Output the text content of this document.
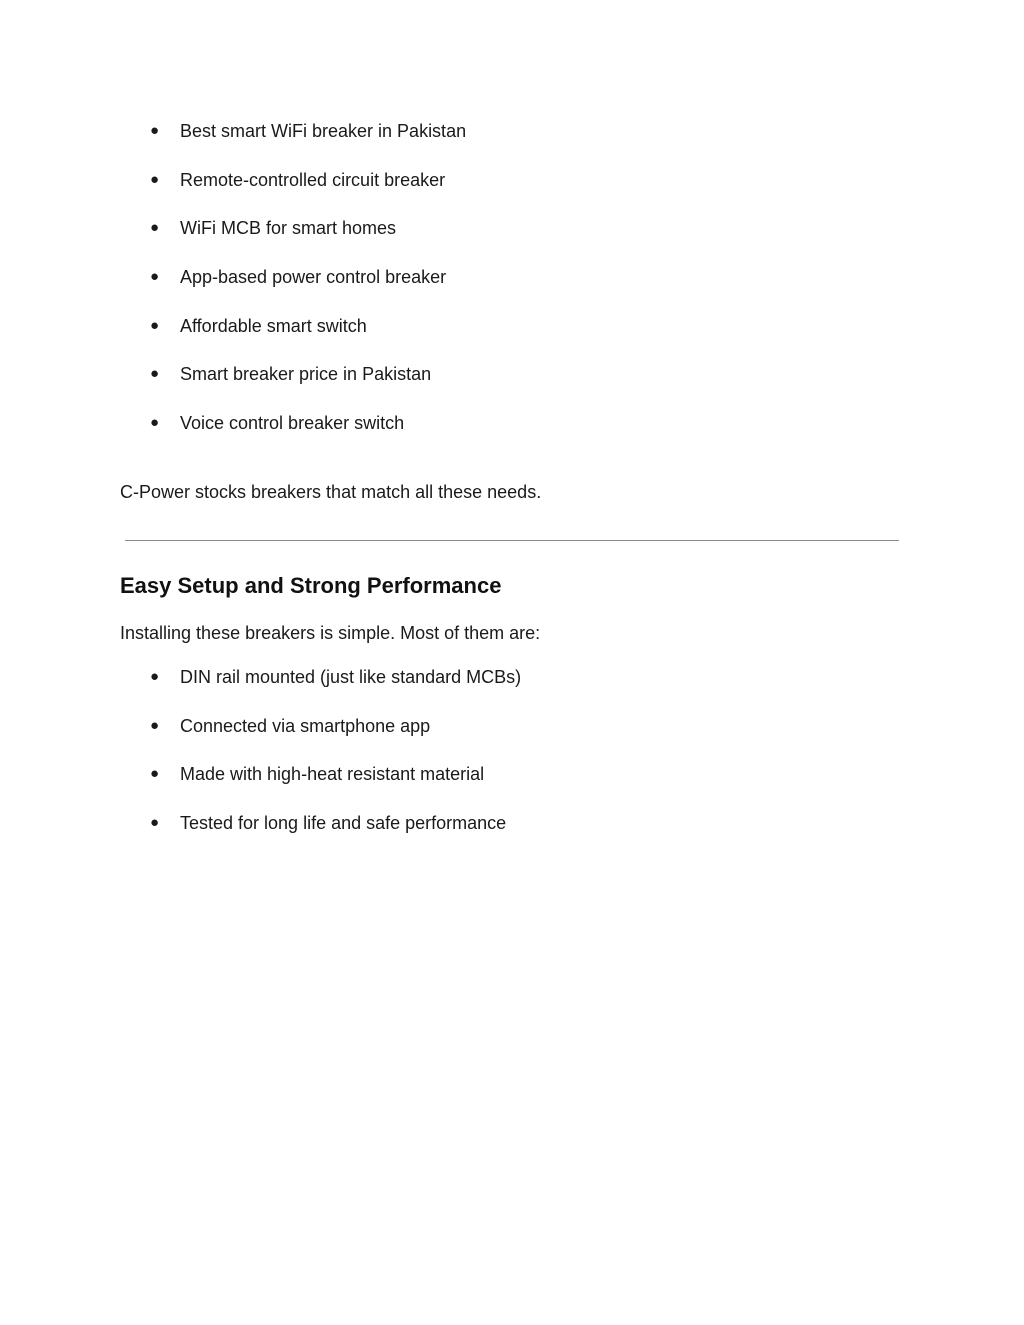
● Best smart WiFi breaker in Pakistan
● Remote-controlled circuit breaker
● WiFi MCB for smart homes
● App-based power control breaker
● Affordable smart switch
● Smart breaker price in Pakistan
● Voice control breaker switch

C-Power stocks breakers that match all these needs.

Easy Setup and Strong Performance

Installing these breakers is simple. Most of them are:

● DIN rail mounted (just like standard MCBs)
● Connected via smartphone app
● Made with high-heat resistant material
● Tested for long life and safe performance
